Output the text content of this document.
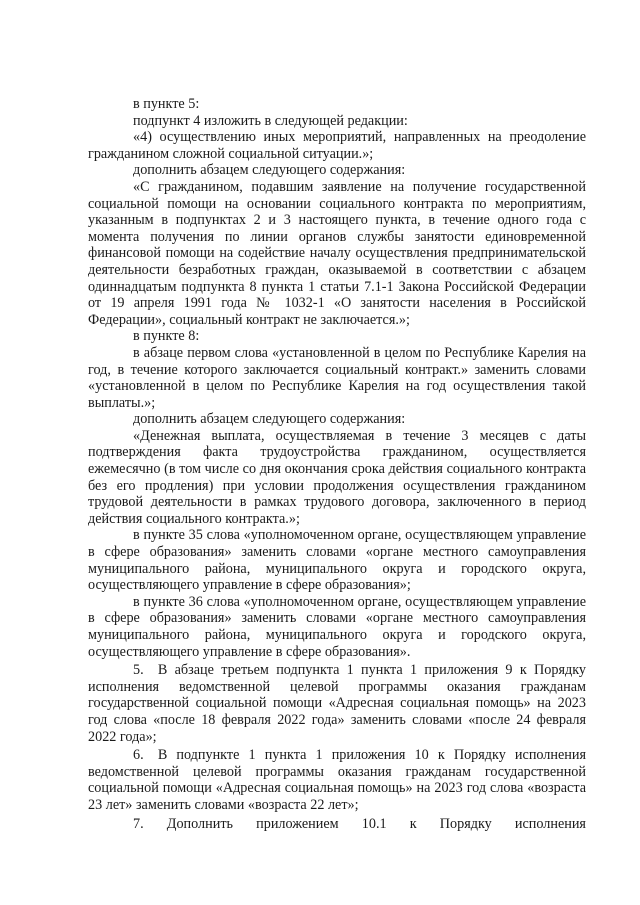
в пункте 5:

подпункт 4 изложить в следующей редакции:

«4) осуществлению иных мероприятий, направленных на преодоление гражданином сложной социальной ситуации.»;

дополнить абзацем следующего содержания:

«С гражданином, подавшим заявление на получение государственной социальной помощи на основании социального контракта по мероприятиям, указанным в подпунктах 2 и 3 настоящего пункта, в течение одного года с момента получения по линии органов службы занятости единовременной финансовой помощи на содействие началу осуществления предпринимательской деятельности безработных граждан, оказываемой в соответствии с абзацем одиннадцатым подпункта 8 пункта 1 статьи 7.1-1 Закона Российской Федерации от 19 апреля 1991 года № 1032-1 «О занятости населения в Российской Федерации», социальный контракт не заключается.»;

в пункте 8:

в абзаце первом слова «установленной в целом по Республике Карелия на год, в течение которого заключается социальный контракт.» заменить словами «установленной в целом по Республике Карелия на год осуществления такой выплаты.»;

дополнить абзацем следующего содержания:

«Денежная выплата, осуществляемая в течение 3 месяцев с даты подтверждения факта трудоустройства гражданином, осуществляется ежемесячно (в том числе со дня окончания срока действия социального контракта без его продления) при условии продолжения осуществления гражданином трудовой деятельности в рамках трудового договора, заключенного в период действия социального контракта.»;

в пункте 35 слова «уполномоченном органе, осуществляющем управление в сфере образования» заменить словами «органе местного самоуправления муниципального района, муниципального округа и городского округа, осуществляющего управление в сфере образования»;

в пункте 36 слова «уполномоченном органе, осуществляющем управление в сфере образования» заменить словами «органе местного самоуправления муниципального района, муниципального округа и городского округа, осуществляющего управление в сфере образования».

5. В абзаце третьем подпункта 1 пункта 1 приложения 9 к Порядку исполнения ведомственной целевой программы оказания гражданам государственной социальной помощи «Адресная социальная помощь» на 2023 год слова «после 18 февраля 2022 года» заменить словами «после 24 февраля 2022 года»;

6. В подпункте 1 пункта 1 приложения 10 к Порядку исполнения ведомственной целевой программы оказания гражданам государственной социальной помощи «Адресная социальная помощь» на 2023 год слова «возраста 23 лет» заменить словами «возраста 22 лет»;

7. Дополнить приложением 10.1 к Порядку исполнения
